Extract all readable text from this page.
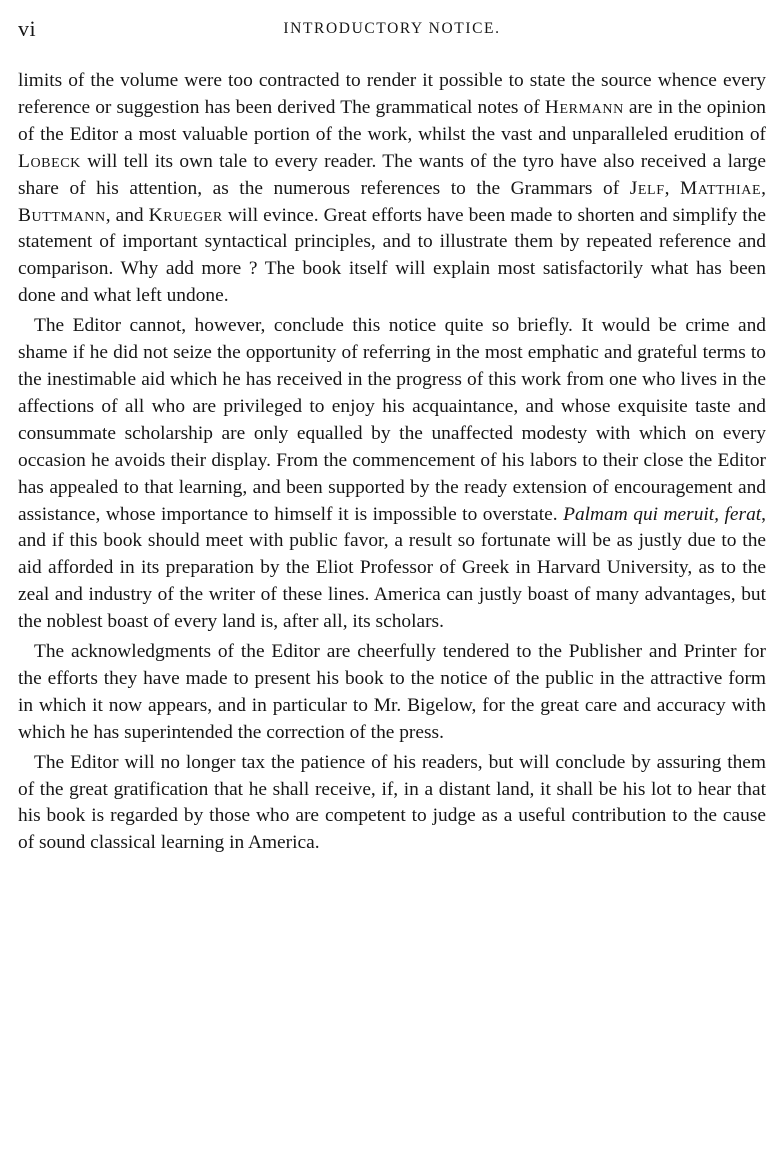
vi	INTRODUCTORY NOTICE.

limits of the volume were too contracted to render it possible to state the source whence every reference or suggestion has been derived The grammatical notes of Hermann are in the opinion of the Editor a most valuable portion of the work, whilst the vast and unparalleled erudition of Lobeck will tell its own tale to every reader. The wants of the tyro have also received a large share of his attention, as the numerous references to the Grammars of Jelf, Matthiae, Buttmann, and Krueger will evince. Great efforts have been made to shorten and simplify the statement of important syntactical principles, and to illustrate them by repeated reference and comparison. Why add more ? The book itself will explain most satisfactorily what has been done and what left undone.

The Editor cannot, however, conclude this notice quite so briefly. It would be crime and shame if he did not seize the opportunity of referring in the most emphatic and grateful terms to the inestimable aid which he has received in the progress of this work from one who lives in the affections of all who are privileged to enjoy his acquaintance, and whose exquisite taste and consummate scholarship are only equalled by the unaffected modesty with which on every occasion he avoids their display. From the commencement of his labors to their close the Editor has appealed to that learning, and been supported by the ready extension of encouragement and assistance, whose importance to himself it is impossible to overstate. Palmam qui meruit, ferat, and if this book should meet with public favor, a result so fortunate will be as justly due to the aid afforded in its preparation by the Eliot Professor of Greek in Harvard University, as to the zeal and industry of the writer of these lines. America can justly boast of many advantages, but the noblest boast of every land is, after all, its scholars.

The acknowledgments of the Editor are cheerfully tendered to the Publisher and Printer for the efforts they have made to present his book to the notice of the public in the attractive form in which it now appears, and in particular to Mr. Bigelow, for the great care and accuracy with which he has superintended the correction of the press.

The Editor will no longer tax the patience of his readers, but will conclude by assuring them of the great gratification that he shall receive, if, in a distant land, it shall be his lot to hear that his book is regarded by those who are competent to judge as a useful contribution to the cause of sound classical learning in America.
